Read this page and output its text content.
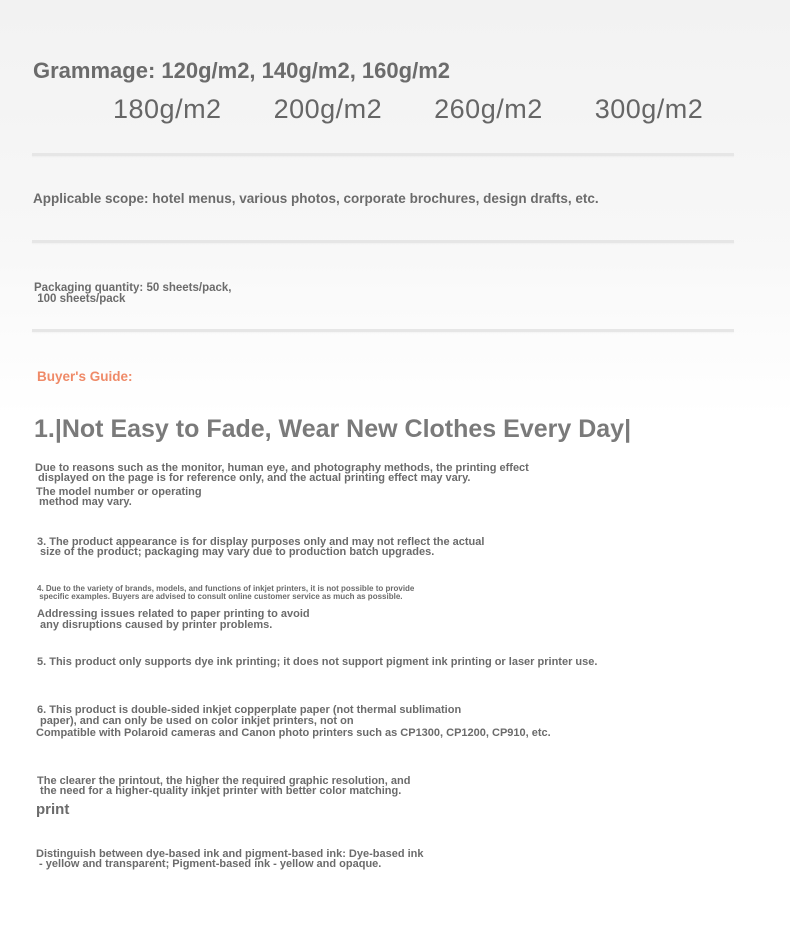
Grammage: 120g/m2, 140g/m2, 160g/m2
180g/m2  200g/m2  260g/m2  300g/m2
Applicable scope: hotel menus, various photos, corporate brochures, design drafts, etc.
Packaging quantity: 50 sheets/pack,
100 sheets/pack
Buyer's Guide:
1.|Not Easy to Fade, Wear New Clothes Every Day|
Due to reasons such as the monitor, human eye, and photography methods, the printing effect
displayed on the page is for reference only, and the actual printing effect may vary.
The model number or operating
method may vary.
3. The product appearance is for display purposes only and may not reflect the actual
size of the product; packaging may vary due to production batch upgrades.
4. Due to the variety of brands, models, and functions of inkjet printers, it is not possible to provide
specific examples. Buyers are advised to consult online customer service as much as possible.
Addressing issues related to paper printing to avoid
any disruptions caused by printer problems.
5. This product only supports dye ink printing; it does not support pigment ink printing or laser printer use.
6. This product is double-sided inkjet copperplate paper (not thermal sublimation
paper), and can only be used on color inkjet printers, not on
Compatible with Polaroid cameras and Canon photo printers such as CP1300, CP1200, CP910, etc.
The clearer the printout, the higher the required graphic resolution, and
the need for a higher-quality inkjet printer with better color matching.
print
Distinguish between dye-based ink and pigment-based ink: Dye-based ink
- yellow and transparent; Pigment-based ink - yellow and opaque.
